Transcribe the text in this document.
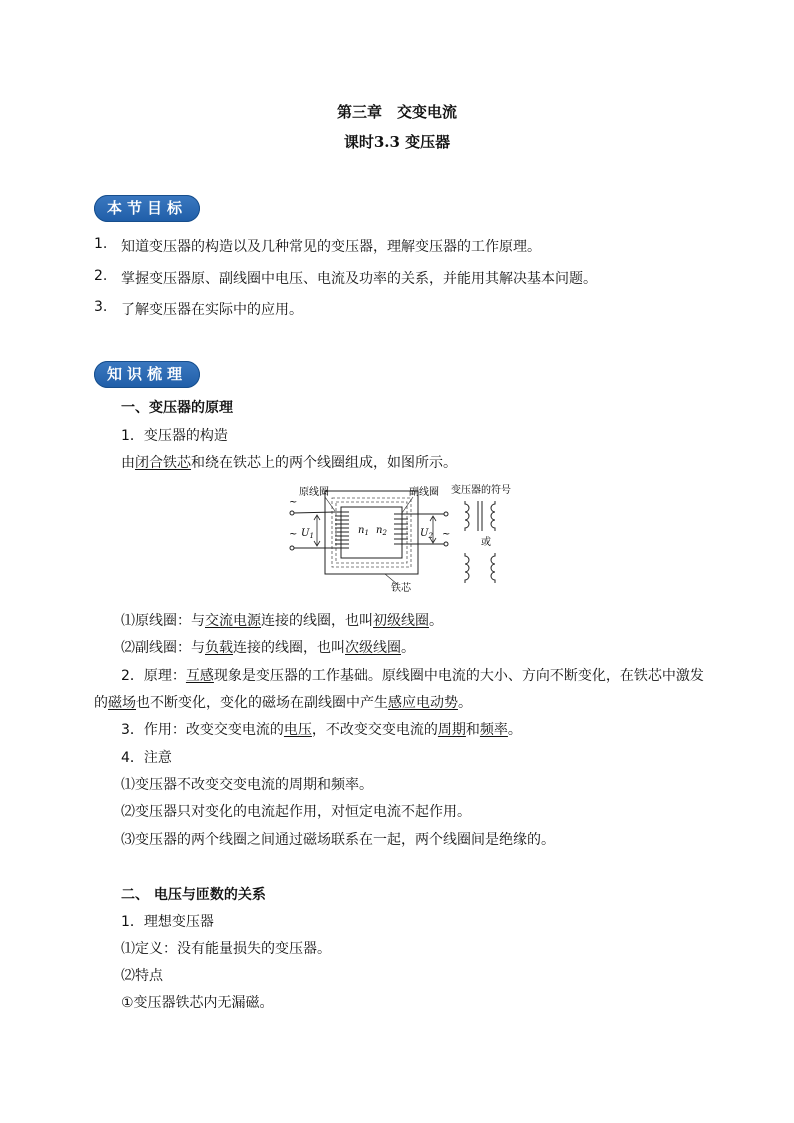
第三章　交变电流
课时3.3 变压器
本节目标
1. 知道变压器的构造以及几种常见的变压器，理解变压器的工作原理。
2. 掌握变压器原、副线圈中电压、电流及功率的关系，并能用其解决基本问题。
3. 了解变压器在实际中的应用。
知识梳理
一、变压器的原理
1．变压器的构造
由闭合铁芯和绕在铁芯上的两个线圈组成，如图所示。
原线圈	副线圈
铁芯
~
~	~
$U_1$	$U_2$
$n_1$ $n_2$
变压器的符号
或
⑴原线圈：与交流电源连接的线圈，也叫初级线圈。
⑵副线圈：与负载连接的线圈，也叫次级线圈。
2．原理：互感现象是变压器的工作基础。原线圈中电流的大小、方向不断变化，在铁芯中激发
的磁场也不断变化，变化的磁场在副线圈中产生感应电动势。
3．作用：改变交变电流的电压，不改变交变电流的周期和频率。
4．注意
⑴变压器不改变交变电流的周期和频率。
⑵变压器只对变化的电流起作用，对恒定电流不起作用。
⑶变压器的两个线圈之间通过磁场联系在一起，两个线圈间是绝缘的。
二、 电压与匝数的关系
1．理想变压器
⑴定义：没有能量损失的变压器。
⑵特点
①变压器铁芯内无漏磁。
